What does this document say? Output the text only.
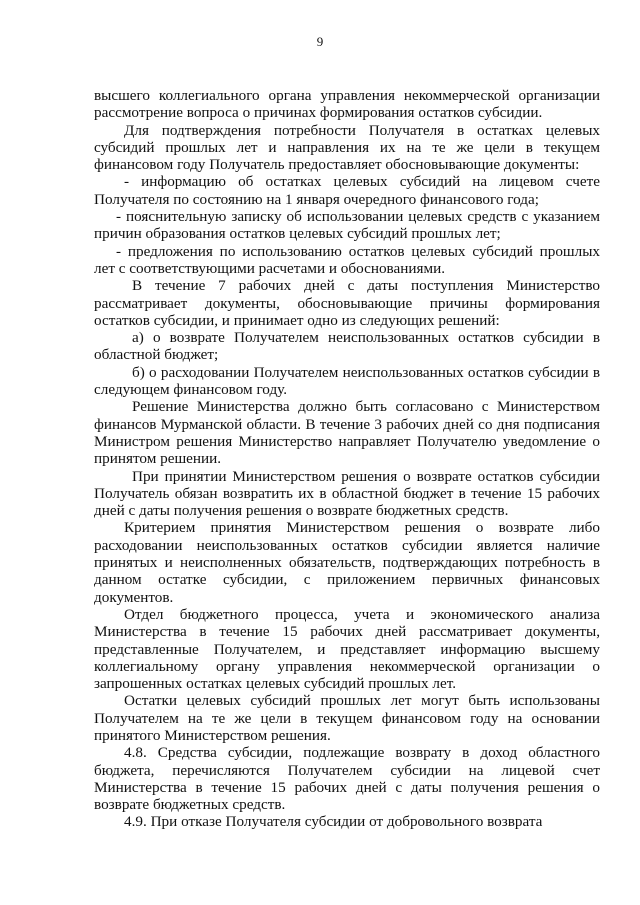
9

высшего коллегиального органа управления некоммерческой организации рассмотрение вопроса о причинах формирования остатков субсидии.

Для подтверждения потребности Получателя в остатках целевых субсидий прошлых лет и направления их на те же цели в текущем финансовом году Получатель предоставляет обосновывающие документы:

- информацию об остатках целевых субсидий на лицевом счете Получателя по состоянию на 1 января очередного финансового года;

- пояснительную записку об использовании целевых средств с указанием причин образования остатков целевых субсидий прошлых лет;

- предложения по использованию остатков целевых субсидий прошлых лет с соответствующими расчетами и обоснованиями.

В течение 7 рабочих дней с даты поступления Министерство рассматривает документы, обосновывающие причины формирования остатков субсидии, и принимает одно из следующих решений:

а) о возврате Получателем неиспользованных остатков субсидии в областной бюджет;

б) о расходовании Получателем неиспользованных остатков субсидии в следующем финансовом году.

Решение Министерства должно быть согласовано с Министерством финансов Мурманской области. В течение 3 рабочих дней со дня подписания Министром решения Министерство направляет Получателю уведомление о принятом решении.

При принятии Министерством решения о возврате остатков субсидии Получатель обязан возвратить их в областной бюджет в течение 15 рабочих дней с даты получения решения о возврате бюджетных средств.

Критерием принятия Министерством решения о возврате либо расходовании неиспользованных остатков субсидии является наличие принятых и неисполненных обязательств, подтверждающих потребность в данном остатке субсидии, с приложением первичных финансовых документов.

Отдел бюджетного процесса, учета и экономического анализа Министерства в течение 15 рабочих дней рассматривает документы, представленные Получателем, и представляет информацию высшему коллегиальному органу управления некоммерческой организации о запрошенных остатках целевых субсидий прошлых лет.

Остатки целевых субсидий прошлых лет могут быть использованы Получателем на те же цели в текущем финансовом году на основании принятого Министерством решения.

4.8. Средства субсидии, подлежащие возврату в доход областного бюджета, перечисляются Получателем субсидии на лицевой счет Министерства в течение 15 рабочих дней с даты получения решения о возврате бюджетных средств.

4.9. При отказе Получателя субсидии от добровольного возврата
